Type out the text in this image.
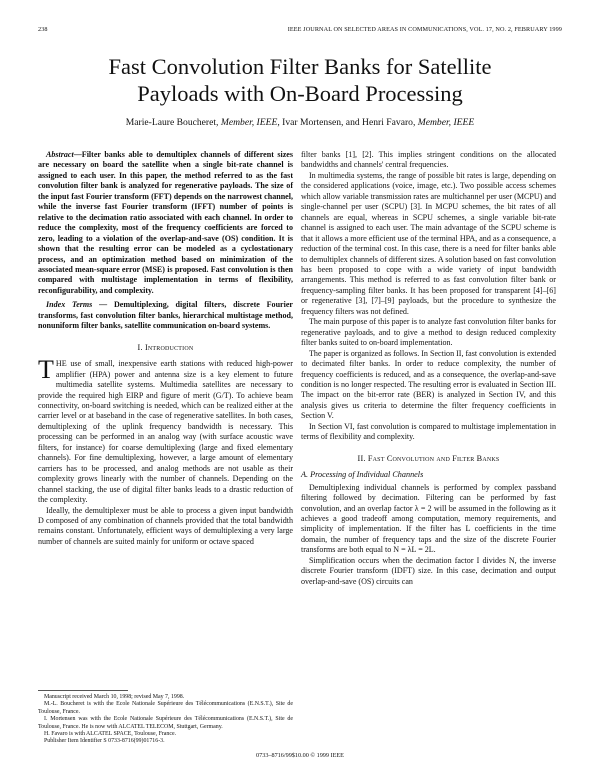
238	IEEE JOURNAL ON SELECTED AREAS IN COMMUNICATIONS, VOL. 17, NO. 2, FEBRUARY 1999
Fast Convolution Filter Banks for Satellite
Payloads with On-Board Processing
Marie-Laure Boucheret, Member, IEEE, Ivar Mortensen, and Henri Favaro, Member, IEEE

Abstract—Filter banks able to demultiplex channels of different sizes are necessary on board the satellite when a single bit-rate channel is assigned to each user. In this paper, the method referred to as the fast convolution filter bank is analyzed for regenerative payloads. The size of the input fast Fourier transform (FFT) depends on the narrowest channel, while the inverse fast Fourier transform (IFFT) number of points is relative to the decimation ratio associated with each channel. In order to reduce the complexity, most of the frequency coefficients are forced to zero, leading to a violation of the overlap-and-save (OS) condition. It is shown that the resulting error can be modeled as a cyclostationary process, and an optimization method based on minimization of the associated mean-square error (MSE) is proposed. Fast convolution is then compared with multistage implementation in terms of flexibility, reconfigurability, and complexity.

Index Terms — Demultiplexing, digital filters, discrete Fourier transforms, fast convolution filter banks, hierarchical multistage method, nonuniform filter banks, satellite communication on-board systems.

I. Introduction

THE use of small, inexpensive earth stations with reduced high-power amplifier (HPA) power and antenna size is a key element to future multimedia satellite systems. Multimedia satellites are necessary to provide the required high EIRP and figure of merit (G/T). To achieve beam connectivity, on-board switching is needed, which can be realized either at the carrier level or at baseband in the case of regenerative satellites. In both cases, demultiplexing of the uplink frequency bandwidth is necessary. This processing can be performed in an analog way (with surface acoustic wave filters, for instance) for coarse demultiplexing (large and fixed elementary channels). For fine demultiplexing, however, a large amount of elementary carriers has to be processed, and analog methods are not usable as their complexity grows linearly with the number of channels. Depending on the channel stacking, the use of digital filter banks leads to a drastic reduction of the complexity.

Ideally, the demultiplexer must be able to process a given input bandwidth D composed of any combination of channels provided that the total bandwidth remains constant. Unfortunately, efficient ways of demultiplexing a very large number of channels are suited mainly for uniform or octave spaced

Manuscript received March 10, 1998; revised May 7, 1998.

M.-L. Boucheret is with the Ecole Nationale Supérieure des Télécommunications (E.N.S.T.), Site de Toulouse, France.

I. Mortensen was with the Ecole Nationale Supérieure des Télécommunications (E.N.S.T.), Site de Toulouse, France. He is now with ALCATEL TELECOM, Stuttgart, Germany.

H. Favaro is with ALCATEL SPACE, Toulouse, France.

Publisher Item Identifier S 0733-8716(99)01716-3.

filter banks [1], [2]. This implies stringent conditions on the allocated bandwidths and channels' central frequencies.

In multimedia systems, the range of possible bit rates is large, depending on the considered applications (voice, image, etc.). Two possible access schemes which allow variable transmission rates are multichannel per user (MCPU) and single-channel per user (SCPU) [3]. In MCPU schemes, the bit rates of all channels are equal, whereas in SCPU schemes, a single variable bit-rate channel is assigned to each user. The main advantage of the SCPU scheme is that it allows a more efficient use of the terminal HPA, and as a consequence, a reduction of the terminal cost. In this case, there is a need for filter banks able to demultiplex channels of different sizes. A solution based on fast convolution has been proposed to cope with a wide variety of input bandwidth arrangements. This method is referred to as fast convolution filter bank or frequency-sampling filter banks. It has been proposed for transparent [4]–[6] or regenerative [3], [7]–[9] payloads, but the procedure to synthesize the frequency filters was not defined.

The main purpose of this paper is to analyze fast convolution filter banks for regenerative payloads, and to give a method to design reduced complexity filter banks suited to on-board implementation.

The paper is organized as follows. In Section II, fast convolution is extended to decimated filter banks. In order to reduce complexity, the number of frequency coefficients is reduced, and as a consequence, the overlap-and-save condition is no longer respected. The resulting error is evaluated in Section III. The impact on the bit-error rate (BER) is analyzed in Section IV, and this analysis gives us criteria to determine the filter frequency coefficients in Section V.

In Section VI, fast convolution is compared to multistage implementation in terms of flexibility and complexity.

II. Fast Convolution and Filter Banks
A. Processing of Individual Channels

Demultiplexing individual channels is performed by complex passband filtering followed by decimation. Filtering can be performed by fast convolution, and an overlap factor λ = 2 will be assumed in the following as it achieves a good tradeoff among computation, memory requirements, and simplicity of implementation. If the filter has L coefficients in the time domain, the number of frequency taps and the size of the discrete Fourier transforms are both equal to N = λL = 2L.

Simplification occurs when the decimation factor I divides N, the inverse discrete Fourier transform (IDFT) size. In this case, decimation and output overlap-and-save (OS) circuits can

0733–8716/99$10.00 © 1999 IEEE
